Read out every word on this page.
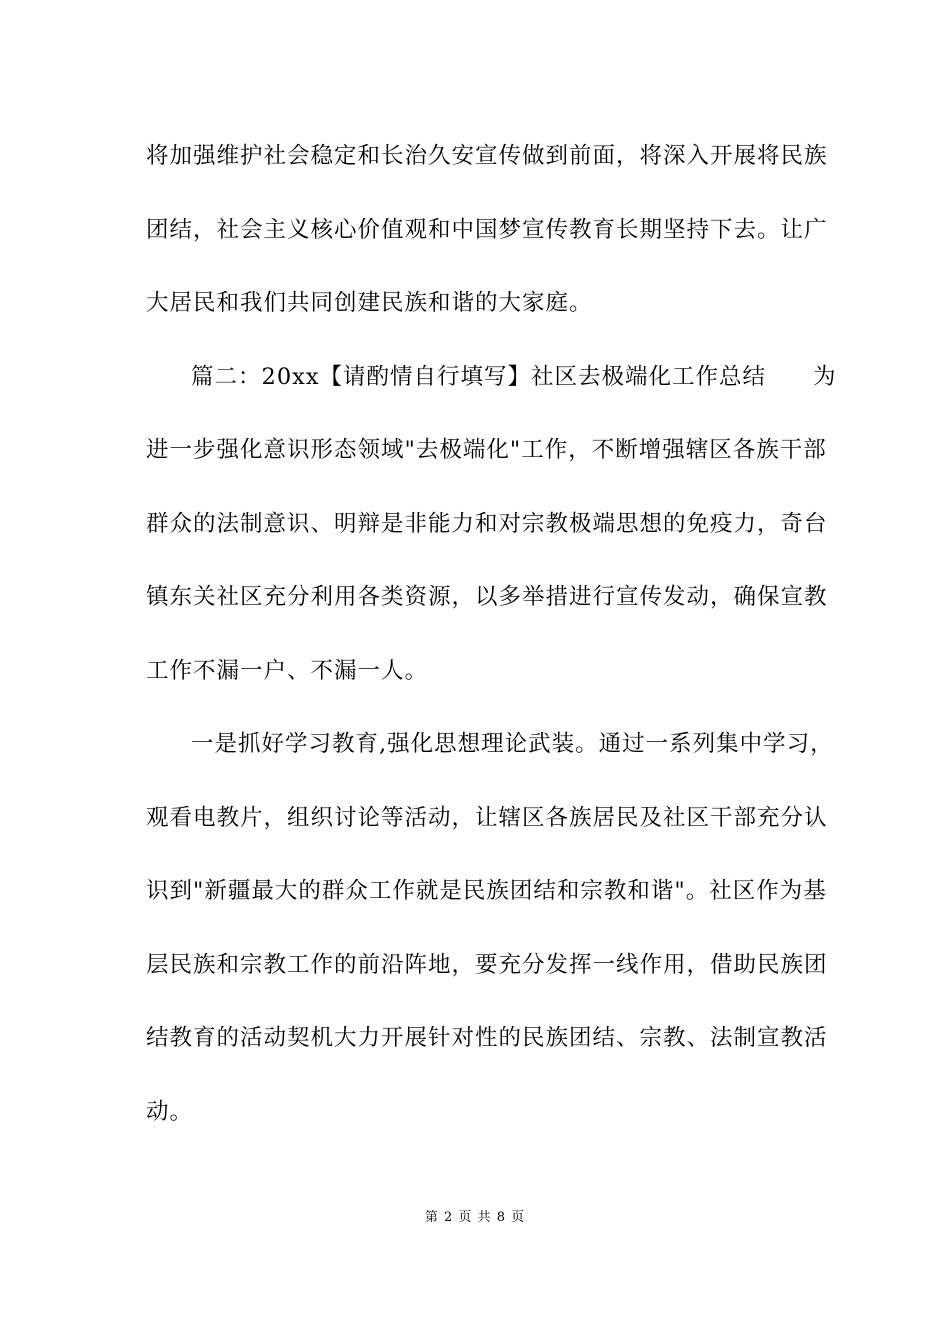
将加强维护社会稳定和长治久安宣传做到前面，将深入开展将民族
团结，社会主义核心价值观和中国梦宣传教育长期坚持下去。让广
大居民和我们共同创建民族和谐的大家庭。
篇二：20xx【请酌情自行填写】社区去极端化工作总结　　为
进一步强化意识形态领域"去极端化"工作，不断增强辖区各族干部
群众的法制意识、明辩是非能力和对宗教极端思想的免疫力，奇台
镇东关社区充分利用各类资源，以多举措进行宣传发动，确保宣教
工作不漏一户、不漏一人。
一是抓好学习教育,强化思想理论武装。通过一系列集中学习，
观看电教片，组织讨论等活动，让辖区各族居民及社区干部充分认
识到"新疆最大的群众工作就是民族团结和宗教和谐"。社区作为基
层民族和宗教工作的前沿阵地，要充分发挥一线作用，借助民族团
结教育的活动契机大力开展针对性的民族团结、宗教、法制宣教活
动。
第 2 页 共 8 页
